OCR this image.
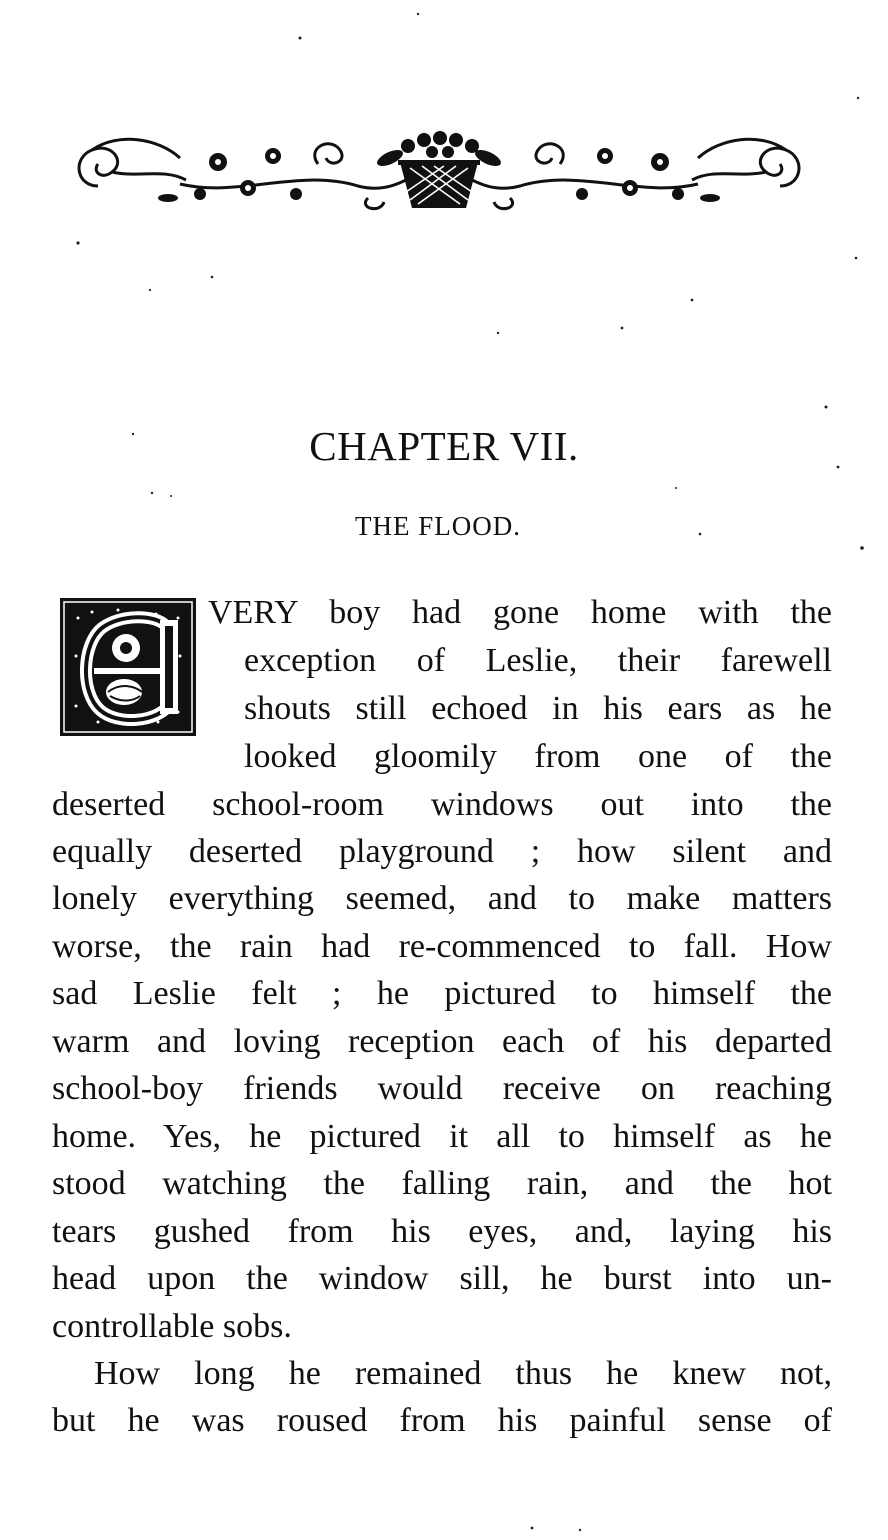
CHAPTER VII.
THE FLOOD.
VERY boy had gone home with the
exception of Leslie, their farewell
shouts still echoed in his ears as he
looked gloomily from one of the
deserted school-room windows out into the
equally deserted playground ; how silent and
lonely everything seemed, and to make matters
worse, the rain had re-commenced to fall. How
sad Leslie felt ; he pictured to himself the
warm and loving reception each of his departed
school-boy friends would receive on reaching
home. Yes, he pictured it all to himself as he
stood watching the falling rain, and the hot
tears gushed from his eyes, and, laying his
head upon the window sill, he burst into un-
controllable sobs.
How long he remained thus he knew not,
but he was roused from his painful sense of
